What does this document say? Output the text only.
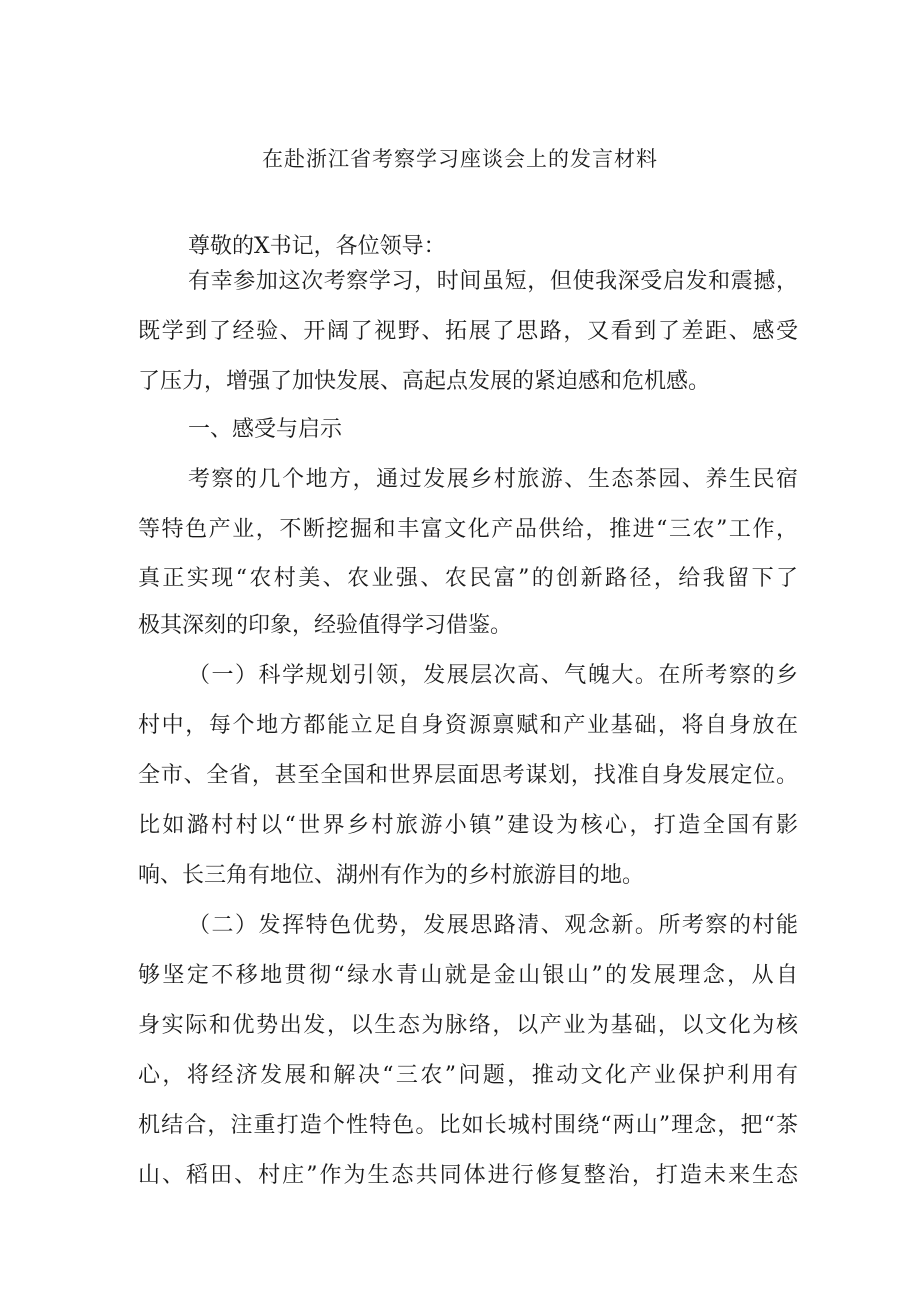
在赴浙江省考察学习座谈会上的发言材料
尊敬的X书记，各位领导：
有幸参加这次考察学习，时间虽短，但使我深受启发和震撼，
既学到了经验、开阔了视野、拓展了思路，又看到了差距、感受
了压力，增强了加快发展、高起点发展的紧迫感和危机感。
一、感受与启示
考察的几个地方，通过发展乡村旅游、生态茶园、养生民宿
等特色产业，不断挖掘和丰富文化产品供给，推进“三农”工作，
真正实现“农村美、农业强、农民富”的创新路径，给我留下了
极其深刻的印象，经验值得学习借鉴。
（一）科学规划引领，发展层次高、气魄大。在所考察的乡
村中，每个地方都能立足自身资源禀赋和产业基础，将自身放在
全市、全省，甚至全国和世界层面思考谋划，找准自身发展定位。
比如潞村村以“世界乡村旅游小镇”建设为核心，打造全国有影
响、长三角有地位、湖州有作为的乡村旅游目的地。
（二）发挥特色优势，发展思路清、观念新。所考察的村能
够坚定不移地贯彻“绿水青山就是金山银山”的发展理念，从自
身实际和优势出发，以生态为脉络，以产业为基础，以文化为核
心，将经济发展和解决“三农”问题，推动文化产业保护利用有
机结合，注重打造个性特色。比如长城村围绕“两山”理念，把“茶
山、稻田、村庄”作为生态共同体进行修复整治，打造未来生态
